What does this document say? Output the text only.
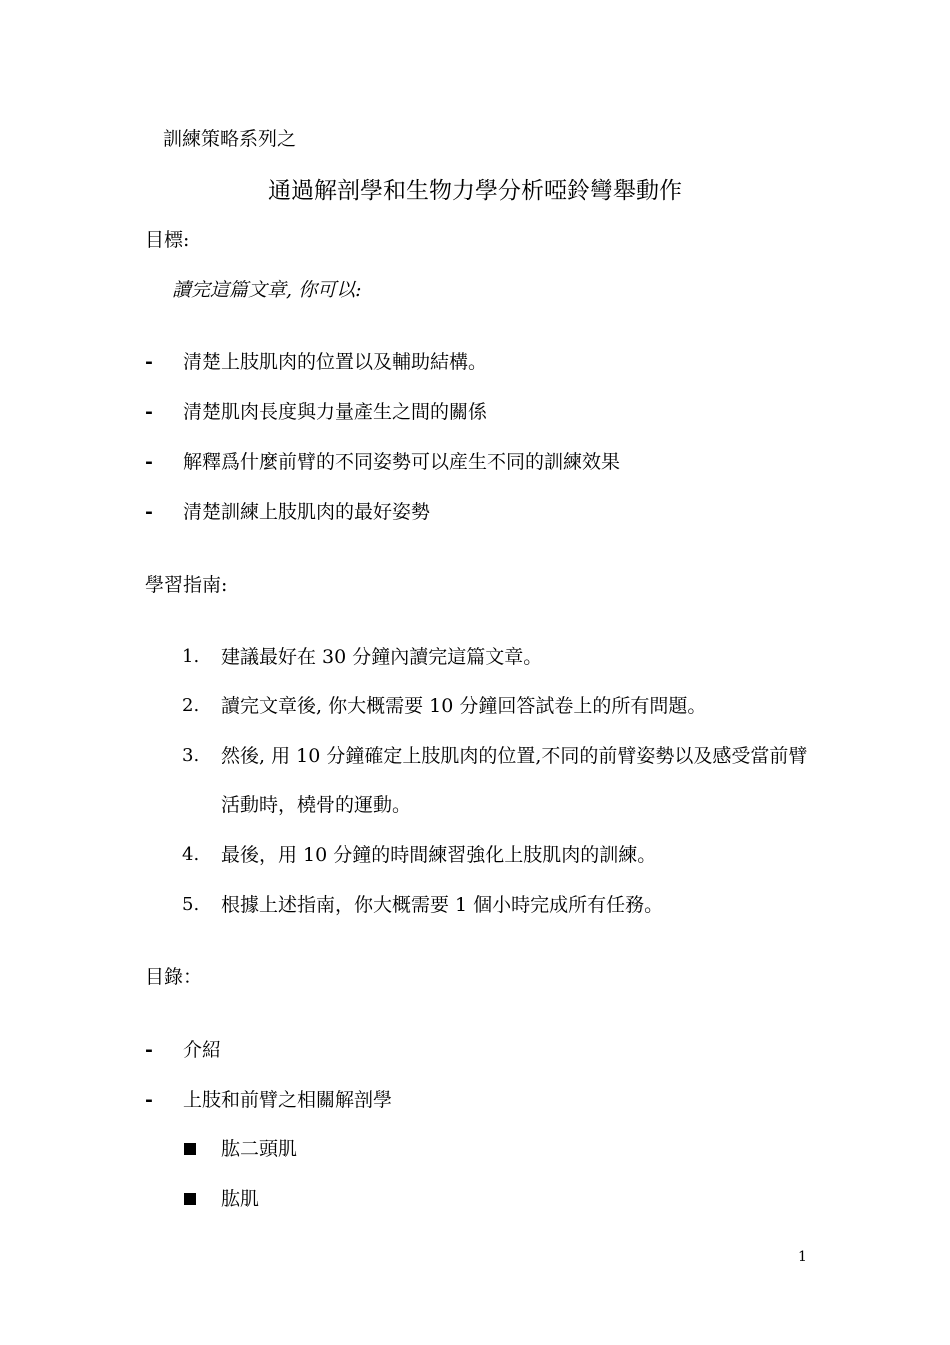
訓練策略系列之
通過解剖學和生物力學分析啞鈴彎舉動作
目標:
讀完這篇文章, 你可以:
- 清楚上肢肌肉的位置以及輔助結構。
- 清楚肌肉長度與力量產生之間的關係
- 解釋爲什麼前臂的不同姿勢可以産生不同的訓練效果
- 清楚訓練上肢肌肉的最好姿勢
學習指南:
1. 建議最好在 30 分鐘內讀完這篇文章。
2. 讀完文章後, 你大概需要 10 分鐘回答試卷上的所有問題。
3. 然後, 用 10 分鐘確定上肢肌肉的位置,不同的前臂姿勢以及感受當前臂
活動時，橈骨的運動。
4. 最後，用 10 分鐘的時間練習強化上肢肌肉的訓練。
5. 根據上述指南，你大概需要 1 個小時完成所有任務。
目錄：
- 介紹
- 上肢和前臂之相關解剖學
肱二頭肌
肱肌
1
